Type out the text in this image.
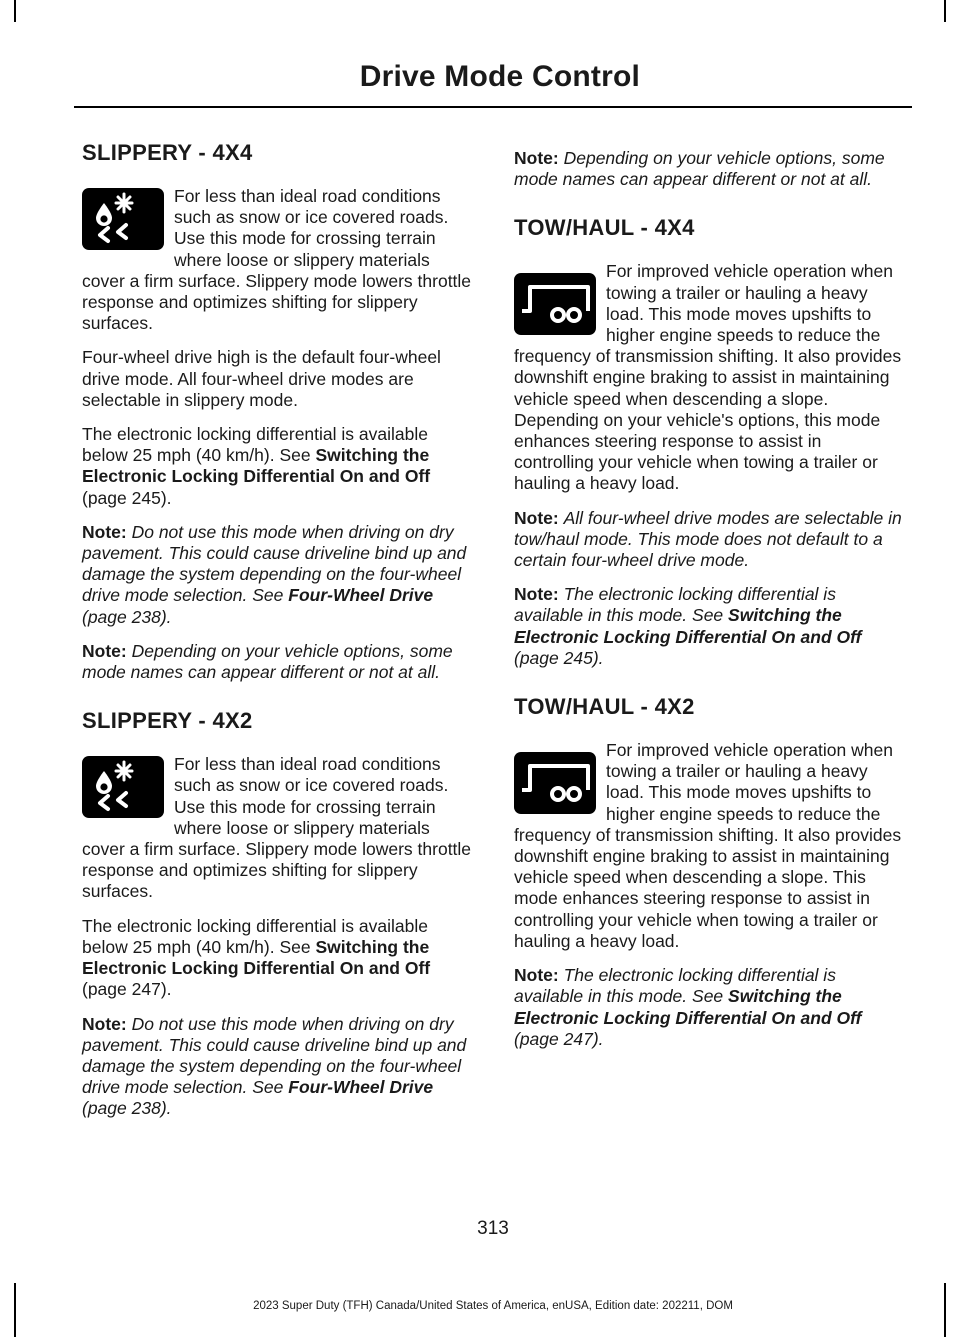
Drive Mode Control
SLIPPERY - 4X4

For less than ideal road conditions such as snow or ice covered roads. Use this mode for crossing terrain where loose or slippery materials cover a firm surface. Slippery mode lowers throttle response and optimizes shifting for slippery surfaces.

Four-wheel drive high is the default four-wheel drive mode. All four-wheel drive modes are selectable in slippery mode.

The electronic locking differential is available below 25 mph (40 km/h). See Switching the Electronic Locking Differential On and Off (page 245).

Note: Do not use this mode when driving on dry pavement. This could cause driveline bind up and damage the system depending on the four-wheel drive mode selection. See Four-Wheel Drive (page 238).

Note: Depending on your vehicle options, some mode names can appear different or not at all.

SLIPPERY - 4X2

For less than ideal road conditions such as snow or ice covered roads. Use this mode for crossing terrain where loose or slippery materials cover a firm surface. Slippery mode lowers throttle response and optimizes shifting for slippery surfaces.

The electronic locking differential is available below 25 mph (40 km/h). See Switching the Electronic Locking Differential On and Off (page 247).

Note: Do not use this mode when driving on dry pavement. This could cause driveline bind up and damage the system depending on the four-wheel drive mode selection. See Four-Wheel Drive (page 238).

Note: Depending on your vehicle options, some mode names can appear different or not at all.

TOW/HAUL - 4X4

For improved vehicle operation when towing a trailer or hauling a heavy load. This mode moves upshifts to higher engine speeds to reduce the frequency of transmission shifting. It also provides downshift engine braking to assist in maintaining vehicle speed when descending a slope. Depending on your vehicle's options, this mode enhances steering response to assist in controlling your vehicle when towing a trailer or hauling a heavy load.

Note: All four-wheel drive modes are selectable in tow/haul mode. This mode does not default to a certain four-wheel drive mode.

Note: The electronic locking differential is available in this mode. See Switching the Electronic Locking Differential On and Off (page 245).

TOW/HAUL - 4X2

For improved vehicle operation when towing a trailer or hauling a heavy load. This mode moves upshifts to higher engine speeds to reduce the frequency of transmission shifting. It also provides downshift engine braking to assist in maintaining vehicle speed when descending a slope. This mode enhances steering response to assist in controlling your vehicle when towing a trailer or hauling a heavy load.

Note: The electronic locking differential is available in this mode. See Switching the Electronic Locking Differential On and Off (page 247).

313
2023 Super Duty (TFH) Canada/United States of America, enUSA, Edition date: 202211, DOM
